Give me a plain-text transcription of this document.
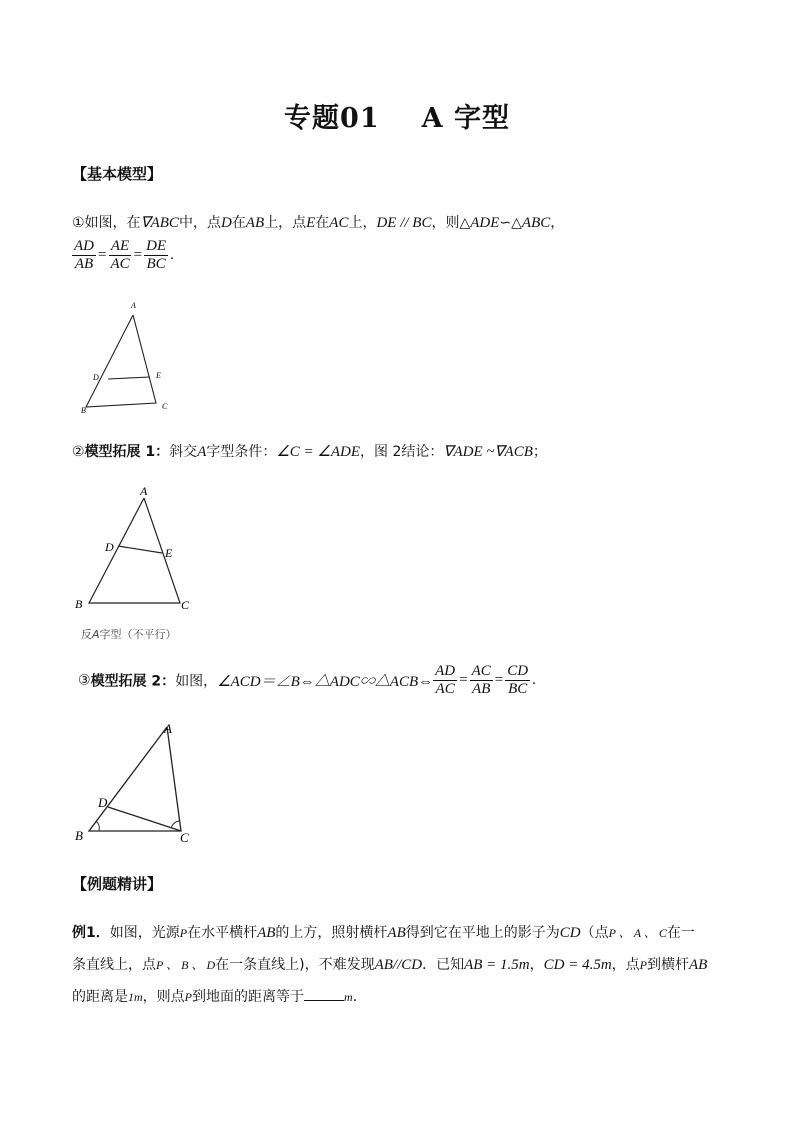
专题01 A 字型
【基本模型】
①如图，在∇ABC中，点D在AB上，点E在AC上，DE // BC，则△ADE∽△ABC，
$\frac{AD}{AB} = \frac{AE}{AC} = \frac{DE}{BC}$ .
A
D	E
B	C
②模型拓展 1：斜交A字型条件：∠C = ∠ADE，图 2结论：∇ADE ~∇ACB；
A
D	E
B	C
反A字型（不平行）
③模型拓展 2：如图，∠ACD＝∠B⇔△ADC∽△ACB⇔ $\frac{AD}{AC} = \frac{AC}{AB} = \frac{CD}{BC}$ .
A
D
B	C
【例题精讲】
例1．如图，光源P在水平横杆AB的上方，照射横杆AB得到它在平地上的影子为CD（点P 、 A 、 C在一
条直线上，点P 、 B 、 D在一条直线上)，不难发现AB//CD．已知AB = 1.5m，CD = 4.5m，点P到横杆AB
的距离是1m，则点P到地面的距离等于	m．
